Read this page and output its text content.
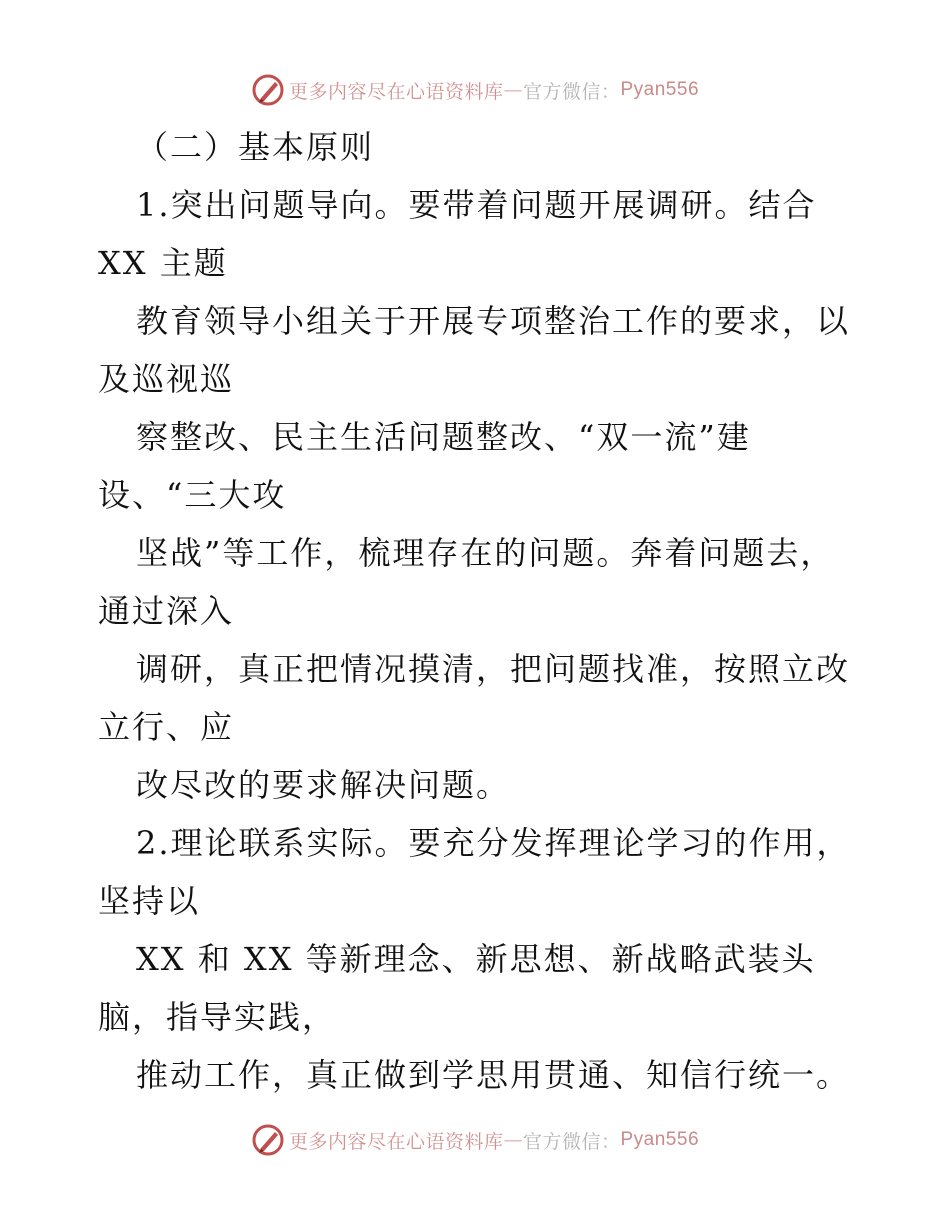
更多内容尽在心语资料库 — 官方微信： Pyan556
（二）基本原则
1.突出问题导向。要带着问题开展调研。结合
XX 主题
教育领导小组关于开展专项整治工作的要求，以
及巡视巡
察整改、民主生活问题整改、“双一流”建
设、“三大攻
坚战”等工作，梳理存在的问题。奔着问题去，
通过深入
调研，真正把情况摸清，把问题找准，按照立改
立行、应
改尽改的要求解决问题。
2.理论联系实际。要充分发挥理论学习的作用，
坚持以
XX 和 XX 等新理念、新思想、新战略武装头
脑，指导实践，
推动工作，真正做到学思用贯通、知信行统一。
更多内容尽在心语资料库 — 官方微信： Pyan556
